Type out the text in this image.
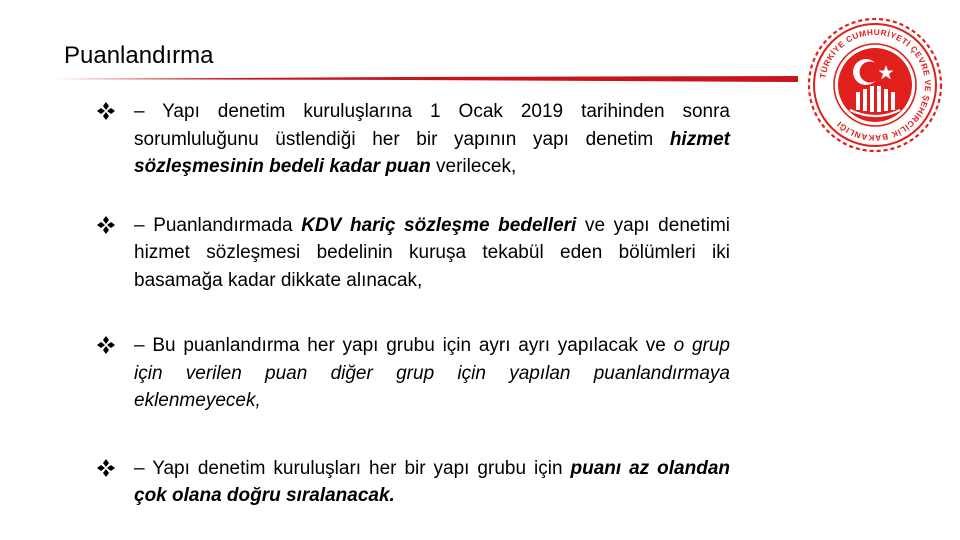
Puanlandırma
TÜRKİYE CUMHURİYETİ ÇEVRE VE ŞEHİRCİLİK BAKANLIĞI
– Yapı denetim kuruluşlarına 1 Ocak 2019 tarihinden sonra sorumluluğunu üstlendiği her bir yapının yapı denetim hizmet sözleşmesinin bedeli kadar puan verilecek,
– Puanlandırmada KDV hariç sözleşme bedelleri ve yapı denetimi hizmet sözleşmesi bedelinin kuruşa tekabül eden bölümleri iki basamağa kadar dikkate alınacak,
– Bu puanlandırma her yapı grubu için ayrı ayrı yapılacak ve o grup için verilen puan diğer grup için yapılan puanlandırmaya eklenmeyecek,
– Yapı denetim kuruluşları her bir yapı grubu için puanı az olandan çok olana doğru sıralanacak.
